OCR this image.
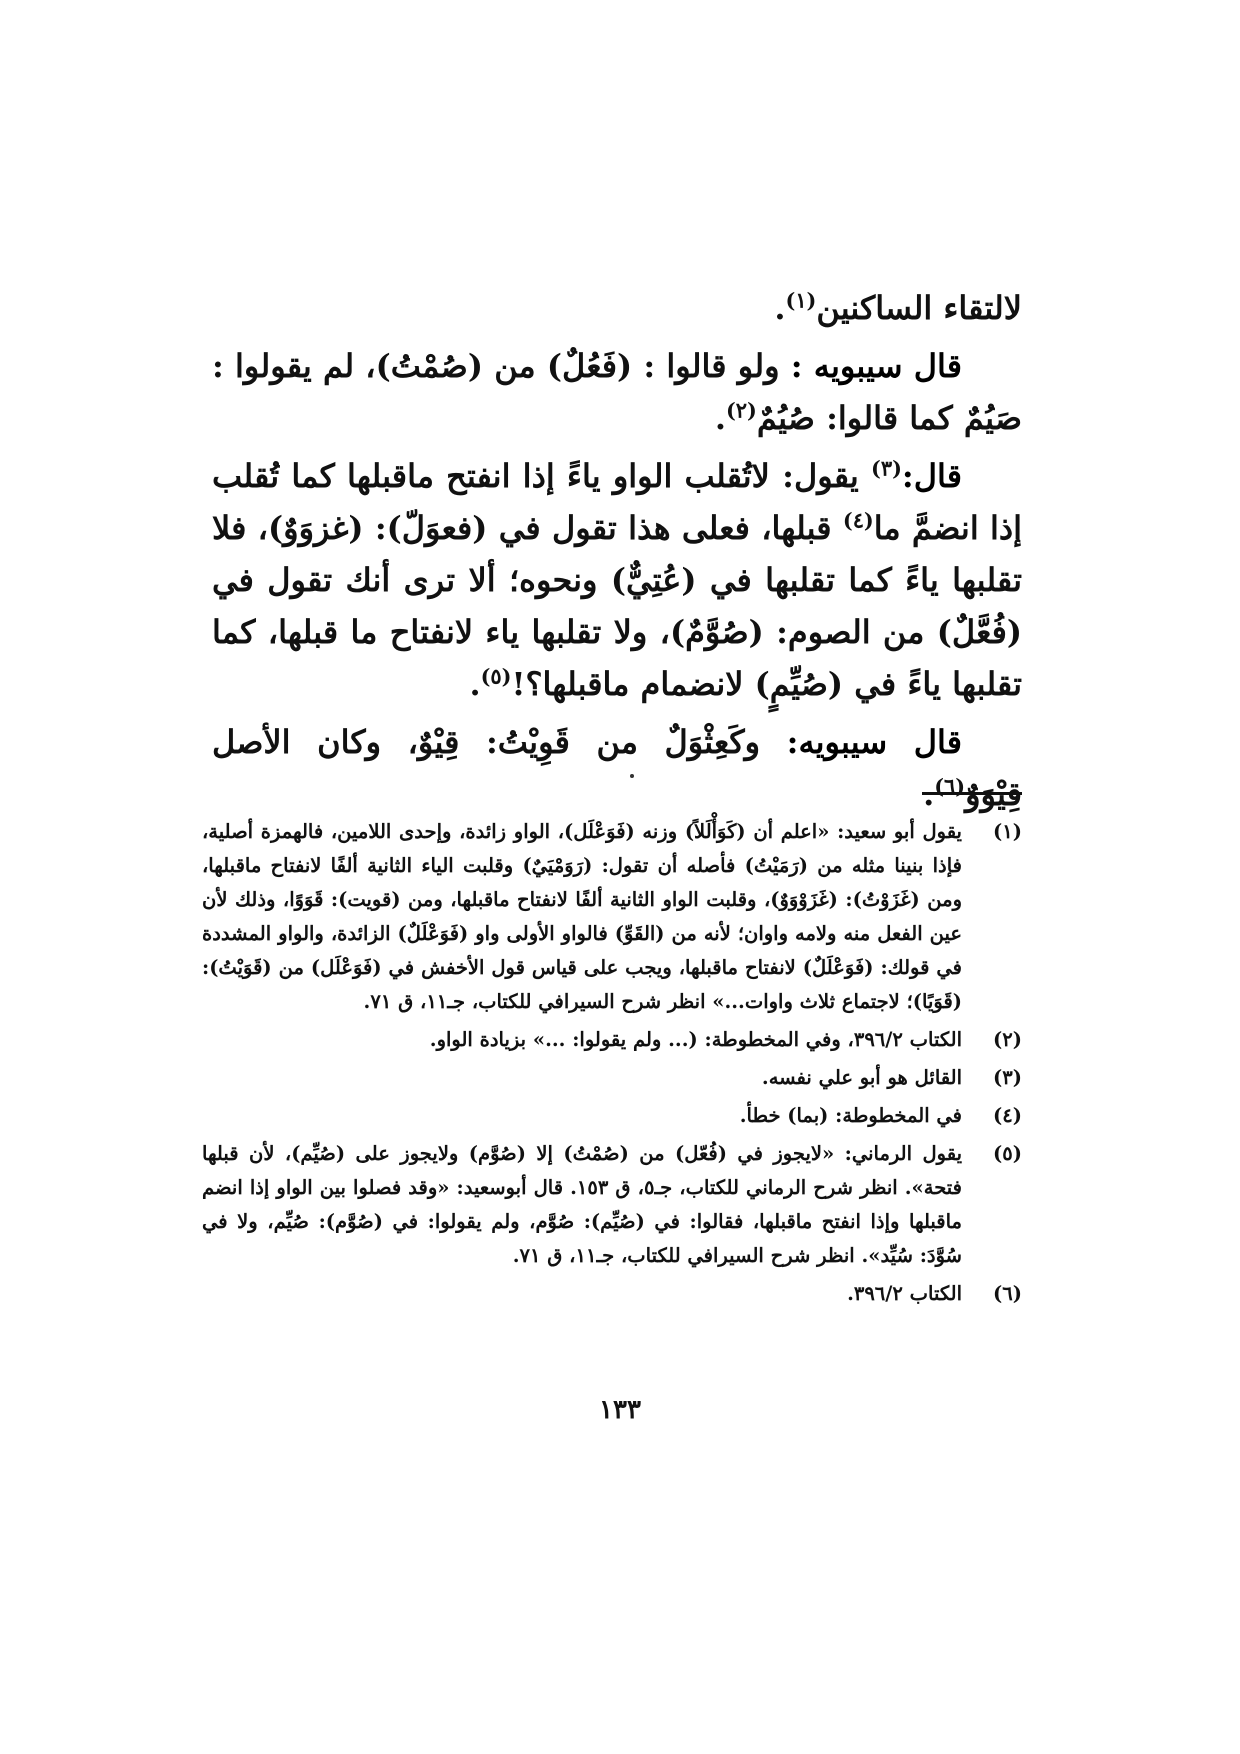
لالتقاء الساكنين$^{(١)}$.

قال سيبويه : ولو قالوا : (فَعُلٌ) من (صُمْتُ)، لم يقولوا : صَيُمٌ كما قالوا: صُيُمٌ$^{(٢)}$.

قال:$^{(٣)}$ يقول: لاتُقلب الواو ياءً إذا انفتح ماقبلها كما تُقلب إذا انضمَّ ما$^{(٤)}$ قبلها، فعلى هذا تقول في (فعوَلّ): (غزوَوٌ)، فلا تقلبها ياءً كما تقلبها في (عُتِيٌّ) ونحوه؛ ألا ترى أنك تقول في (فُعَّلٌ) من الصوم: (صُوَّمٌ)، ولا تقلبها ياء لانفتاح ما قبلها، كما تقلبها ياءً في (صُيِّمٍ) لانضمام ماقبلها؟!$^{(٥)}$.

قال سيبويه: وكَعِثْوَلٌ من قَوِيْتُ: قِيْوٌ، وكان الأصل قِيْوَوٌ$^{(٦)}$.

(١)
يقول أبو سعيد: «اعلم أن (كَوَأْلَلاً) وزنه (فَوَعْلَل)، الواو زائدة، وإحدى اللامين، فالهمزة أصلية، فإذا بنينا مثله من (رَمَيْتُ) فأصله أن تقول: (رَوَمْيَيٌ) وقلبت الياء الثانية ألفًا لانفتاح ماقبلها، ومن (غَزَوْتُ): (غَزَوْوَوٌ)، وقلبت الواو الثانية ألفًا لانفتاح ماقبلها، ومن (قويت): قَوَوًا، وذلك لأن عين الفعل منه ولامه واوان؛ لأنه من (القَوِّ) فالواو الأولى واو (فَوَعْلَلٌ) الزائدة، والواو المشددة في قولك: (فَوَعْلَلٌ) لانفتاح ماقبلها، ويجب على قياس قول الأخفش في (فَوَعْلَل) من (قَوَيْتُ): (قَوَيًا)؛ لاجتماع ثلاث واوات...» انظر شرح السيرافي للكتاب، جـ١١، ق ٧١.
(٢)
الكتاب ٣٩٦/٢، وفي المخطوطة: (... ولم يقولوا: ...» بزيادة الواو.
(٣)
القائل هو أبو علي نفسه.
(٤)
في المخطوطة: (بما) خطأ.
(٥)
يقول الرماني: «لايجوز في (فُعّل) من (صُمْتُ) إلا (صُوَّم) ولايجوز على (صُيِّم)، لأن قبلها فتحة». انظر شرح الرماني للكتاب، جـ٥، ق ١٥٣. قال أبوسعيد: «وقد فصلوا بين الواو إذا انضم ماقبلها وإذا انفتح ماقبلها، فقالوا: في (صُيِّم): صُوَّم، ولم يقولوا: في (صُوَّم): صُيِّم، ولا في سُوَّدَ: سُيِّد». انظر شرح السيرافي للكتاب، جـ١١، ق ٧١.
(٦)
الكتاب ٣٩٦/٢.
١٣٣
